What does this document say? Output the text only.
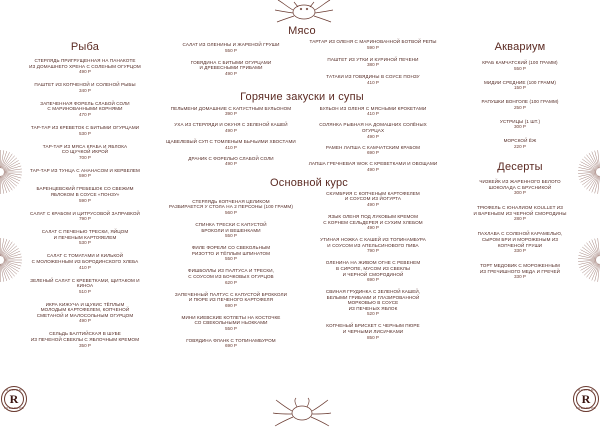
Рыба
СТЕРЛЯДЬ ПРИГРУЩЕННАЯ НА ПАНАКОТЕ
ИЗ ДОМАШНЕГО ХРЕНА С СОЛЕНЫМ ОГУРЦОМ
490 Р
ПАШТЕТ ИЗ КОПЧЕНОЙ И СОЛЕНОЙ РЫБЫ
340 Р
ЗАПЕЧЕННАЯ ФОРЕЛЬ СЛАБОЙ СОЛИ
С МАРИНОВАННЫМИ КОРНЯМИ
470 Р
ТАР-ТАР ИЗ КРЕВЕТОК С БИТЫМИ ОГУРЦАМИ
530 Р
ТАР-ТАР ИЗ МЯСА КРАБА И ЯБЛОКА
СО ЩУЧКОЙ ИКРОЙ
700 Р
ТАР-ТАР ИЗ ТУНЦА С АНАНАСОМ И КЕРВЕЛЕМ
590 Р
БАРЕНЦЕВСКИЙ ГРЕБЕШОК СО СВЕЖИМ
ЯБЛОКОМ В СОУСЕ «ПОНЗУ»
590 Р
САЛАТ С КРАБОМ И ЦИТРУСОВОЙ ЗАПРАВКОЙ
790 Р
САЛАТ С ПЕЧЕНЬЮ ТРЕСКИ, ЯЙЦОМ
И ПЕЧЕНЫМ КАРТОФЕЛЕМ
530 Р
САЛАТ С ТОМАТАМИ И КИЛЬКОЙ
С МОЛОЖЕННЫМ ИЗ БОРОДИНСКОГО ХЛЕБА
410 Р
ЗЕЛЕНЫЙ САЛАТ С КРЕВЕТКАМИ, ЩИТАКОМ И КИНОА
510 Р
ИКРА КИЖУЧА И ЩУКИС ТЁПЛЫМ
МОЛОДЫМ КАРТОФЕЛЕМ, КОПЧЕНОЙ
СМЕТАНОЙ И МАЛОСОЛЬНЫМ ОГУРЦОМ
490 Р
СЕЛЬДЬ БАЛТИЙСКАЯ В ШУБЕ
ИЗ ПЕЧЕНОЙ СВЕКЛЫ С ЯБЛОЧНЫМ КРЕМОМ
350 Р
Мясо
САЛАТ ИЗ ОЛЕНИНЫ И ЖАРЕНОЙ ГРУШИ
550 Р
ГОВЯДИНА С БИТЫМИ ОГУРЦАМИ
И ДРЕВЕСНЫМИ ГРИБАМИ
490 Р
ТАРТАР ИЗ ОЛЕНЯ С МАРИНОВАННОЙ БОТВОЙ РЕПЫ
590 Р
ПАШТЕТ ИЗ УТКИ И КУРИНОЙ ПЕЧЕНИ
380 Р
ТАТАКИ ИЗ ГОВЯДИНЫ В СОУСЕ ПОНЗУ
410 Р
Горячие закуски и супы
ПЕЛЬМЕНИ ДОМАШНИЕ С КАПУСТНЫМ БУЛЬОНОМ
390 Р
УХА ИЗ СТЕРЛЯДИ И ОКУНЯ С ЗЕЛЕНОЙ КАШЕЙ
490 Р
ЩАВЕЛЕВЫЙ СУП С ТОМЛЕНЫМ БЫЧЬИМИ ХВОСТАМИ
410 Р
ДРАНИК С ФОРЕЛЬЮ СЛАБОЙ СОЛИ
490 Р
БУЛЬОН ИЗ ОЛЕНЯ С МЯСНЫМИ КРОКЕТАМИ
410 Р
СОЛЯНКА РЫБНАЯ НА ДОМАШНИХ СОЛЁНЫХ ОГУРЦАХ
490 Р
РАМЕН ЛАПША С КАМЧАТСКИМ КРАБОМ
690 Р
ЛАПША ГРЕЧНЕВАЯ WOK С КРЕВЕТКАМИ И ОВОЩАМИ
490 Р
Основной курс
СТЕРЛЯДЬ КОПЧЕНАЯ ЦЕЛИКОМ
РАЗБИРАЕТСЯ У СТОЛА НА 2 ПЕРСОНЫ (100 ГРАММ)
560 Р
СПИНКА ТРЕСКИ С КАПУСТОЙ
БРОКОЛИ И ВЕШЕНКАМИ
550 Р
ФИЛЕ ФОРЕЛИ СО СВЕКОЛЬНЫМ
РИЗОТТО И ТЁПЛЫМ ШПИНАТОМ
550 Р
ФИШБОЛЛЫ ИЗ ПАЛТУСА И ТРЕСКИ,
С СОУСОМ ИЗ БОЧКОВЫХ ОГУРЦОВ
620 Р
ЗАПЕЧЕННЫЙ ПАЛТУС С КАПУСТОЙ БРОККОЛИ
И ПЮРЕ ИЗ ПЕЧЕНОГО КАРТОФЕЛЯ
690 Р
МИНИ КИЕВСКИЕ КОТЛЕТЫ НА КОСТОЧКЕ
СО СВЕКОЛЬНЫМИ НЬОККАМИ
550 Р
ГОВЯДИНА ФЛАНК С ТОПИНАМБУРОМ
690 Р
СКУМБРИЯ С КОПЧЕНЫМ КАРТОФЕЛЕМ
И СОУСОМ ИЗ ЙОГУРТА
490 Р
ЯЗЫК ОЛЕНЯ ПОД ЛУКОВЫМ КРЕМОМ
С КОРНЕМ СЕЛЬДЕРЕЯ И СУХИМ ХЛЕБОМ
490 Р
УТИНАЯ НОЖКА С КАШЕЙ ИЗ ТОПИНАМБУРА
И СОУСОМ ИЗ АПЕЛЬСИНОВОГО ПИВА
790 Р
ОЛЕНИНА НА ЖИВОМ ОГНЕ С РЕВЕНЕМ
В СИРОПЕ, МУСОМ ИЗ СВЕКЛЫ
И ЧЕРНОЙ СМОРОДИНОЙ
690 Р
СВИНАЯ ГРУДИНКА С ЗЕЛЕНОЙ КАШЕЙ,
БЕЛЫМИ ГРИБАМИ И ГЛАЗИРОВАННОЙ
МОРКОВЬЮ В СОУСЕ
ИЗ ПЕЧЕНЫХ ЯБЛОК
520 Р
КОПЧЕНЫЙ БРИСКЕТ С ЧЕРНЫМ ПЮРЕ
И ЧЕРНЫМИ ЛИСИЧКАМИ
850 Р
Аквариум
КРАБ КАМЧАТСКИЙ (100 ГРАММ)
550 Р
МИДИИ СРЕДНИЕ (100 ГРАММ)
150 Р
РАПУШКИ ВОНГОЛЕ (100 ГРАММ)
250 Р
УСТРИЦЫ (1 ШТ.)
300 Р
МОРСКОЙ ЁЖ
220 Р
Десерты
ЧИЗКЕЙК ИЗ ЖАРЕННОГО БЕЛОГО
ШОКОЛАДА С БРУСНИКОЙ
300 Р
ТРЮФЕЛЬ С ЮНАЛИОМ KOULLET ИЗ
И ВАРЕНЬЕМ ИЗ ЧЕРНОЙ СМОРОДИНЫ
280 Р
ПАХЛАВА С СОЛЕНОЙ КАРАМЕЛЬЮ,
СЫРОМ БРИ И МОРОЖЕНЫМ ИЗ
КОПЧЕНОЙ ГРУШИ
330 Р
ТОРТ МЕДОВИК С МОРОЖЕННЫМ
ИЗ ГРЕЧИШНОГО МЕДА И ГРЕЧЕЙ
330 Р
RUSTEM
R
ГОВОРКОВ
RUSTEM
R
ГОВОРКОВ
